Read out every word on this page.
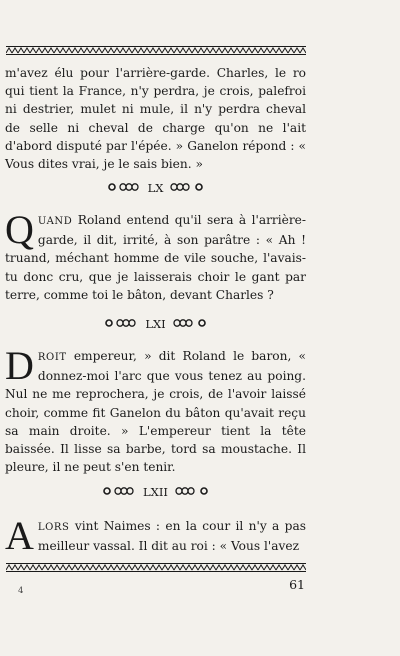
m'avez élu pour l'arrière-garde. Charles, le ro qui tient la France, n'y perdra, je crois, palefroi ni destrier, mulet ni mule, il n'y perdra cheval de selle ni cheval de charge qu'on ne l'ait d'abord disputé par l'épée. » Ganelon répond : « Vous dites vrai, je le sais bien. »

LX

QUAND Roland entend qu'il sera à l'arrière-garde, il dit, irrité, à son parâtre : « Ah ! truand, méchant homme de vile souche, l'avais-tu donc cru, que je laisserais choir le gant par terre, comme toi le bâton, devant Charles ?

LXI

DROIT empereur, » dit Roland le baron, « donnez-moi l'arc que vous tenez au poing. Nul ne me reprochera, je crois, de l'avoir laissé choir, comme fit Ganelon du bâton qu'avait reçu sa main droite. » L'empereur tient la tête baissée. Il lisse sa barbe, tord sa moustache. Il pleure, il ne peut s'en tenir.

LXII

ALORS vint Naimes : en la cour il n'y a pas meilleur vassal. Il dit au roi : « Vous l'avez

4	61
